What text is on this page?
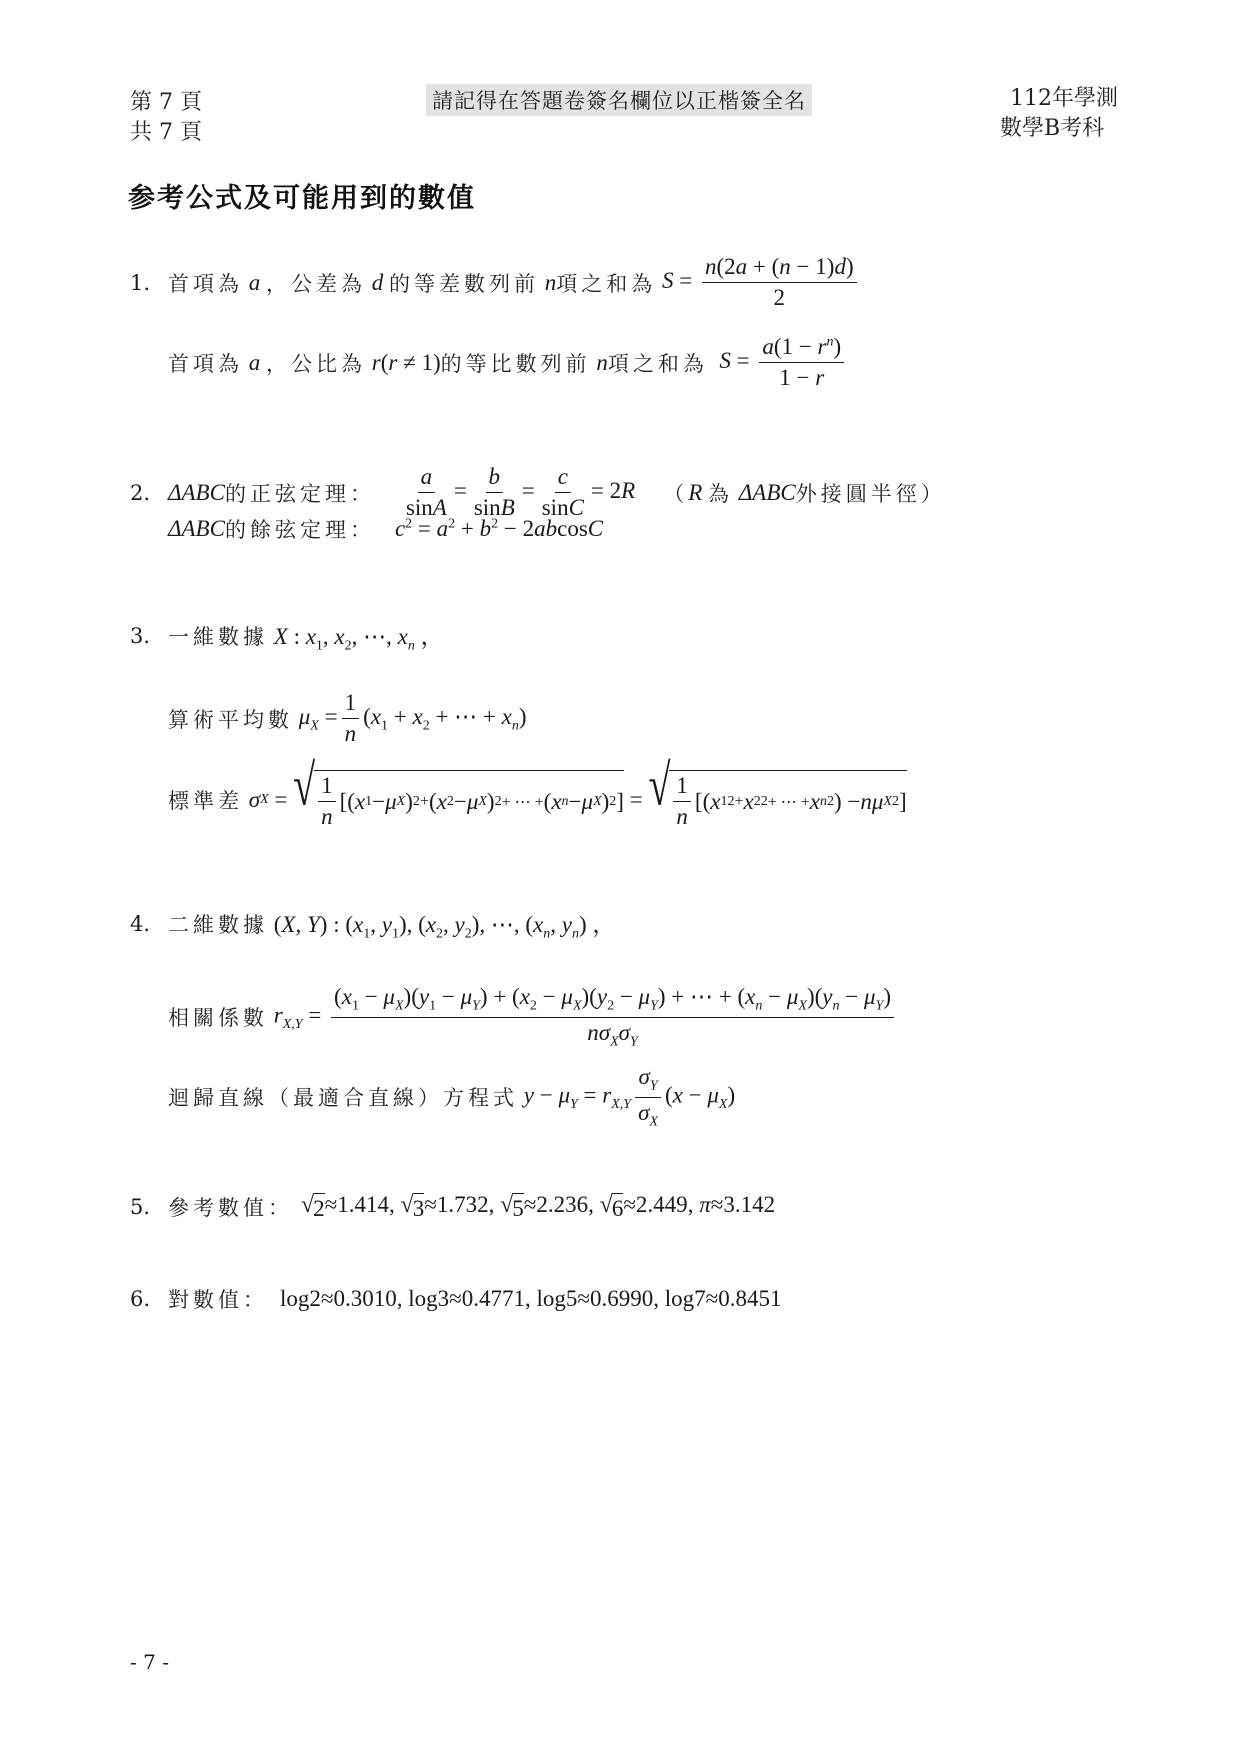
第 7 頁
共 7 頁
請記得在答題卷簽名欄位以正楷簽全名	112年學測
數學B考科
参考公式及可能用到的數值
1. 首項為 a ，公差為 d 的等差數列前 n 項之和為 $S = \frac{n(2a + (n - 1)d)}{2}$
首項為 a ，公比為 r(r ≠ 1) 的等比數列前 n 項之和為 $S = \frac{a(1 - r^n)}{1 - r}$
2. ΔABC 的正弦定理： $\frac{a}{\sin A} = \frac{b}{\sin B} = \frac{c}{\sin C} = 2R$ （ R 為 ΔABC 外接圓半徑）
ΔABC 的餘弦定理： $c^2 = a^2 + b^2 - 2abcosC$
3. 一維數據 X : $x_1$, $x_2$, ⋯, $x_n$ ，
算術平均數 $\mu_X = \frac{1}{n} (x_1 + x_2$ + ⋯ + $x_n$)
標準差
σ X = √ $\frac{1}{n}$ [( x 1 − μ X ) 2 + ( x 2 − μ X ) 2 + ⋯ + ( x n − μ X ) 2 ] = √ $\frac{1}{n}$ [( x 1 2 + x 2 2 + ⋯ + x n 2 ) − nμ X 2 ]
4. 二維數據 (X, Y) : ($x_1$, $y_1$), ($x_2$, $y_2$), ⋯, ($x_n$, $y_n$) ，
相關係數 $r_{X,Y}$ =
$(x_1 - \mu_X)(y_1 - \mu_Y) + (x_2 - \mu_X)(y_2 - \mu_Y)$ + ⋯ + $(x_n - \mu_X)(y_n - \mu_Y)$
$n\sigma_X\sigma_Y$
迴歸直線（最適合直線）方程式 $y - \mu_Y = r_{X,Y} \frac{\sigma_Y}{\sigma_X} (x - \mu_X)$
5. 參考數值： √ 2 ≈1.414, √ 3 ≈1.732, √ 5 ≈2.236, √ 6 ≈2.449, π≈3.142
6. 對數值： log2≈0.3010, log3≈0.4771, log5≈0.6990, log7≈0.8451
- 7 -
